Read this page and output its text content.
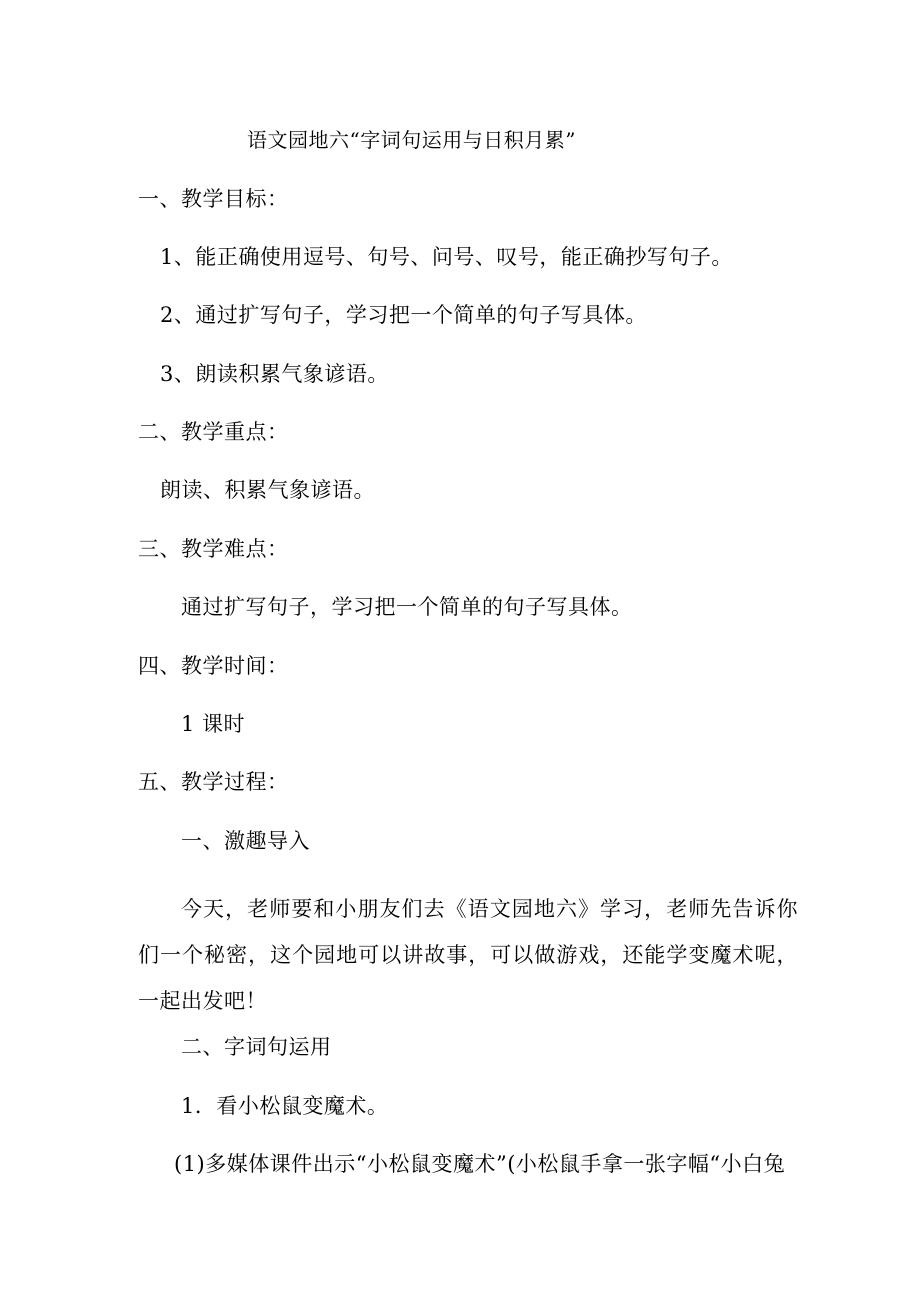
语文园地六“字词句运用与日积月累”
一、教学目标：
1、能正确使用逗号、句号、问号、叹号，能正确抄写句子。
2、通过扩写句子，学习把一个简单的句子写具体。
3、朗读积累气象谚语。
二、教学重点：
朗读、积累气象谚语。
三、教学难点：
通过扩写句子，学习把一个简单的句子写具体。
四、教学时间：
1 课时
五、教学过程：
一、激趣导入
今天，老师要和小朋友们去《语文园地六》学习，老师先告诉你们一个秘密，这个园地可以讲故事，可以做游戏，还能学变魔术呢，一起出发吧！
二、字词句运用
1．看小松鼠变魔术。
(1)多媒体课件出示“小松鼠变魔术”(小松鼠手拿一张字幅“小白兔
